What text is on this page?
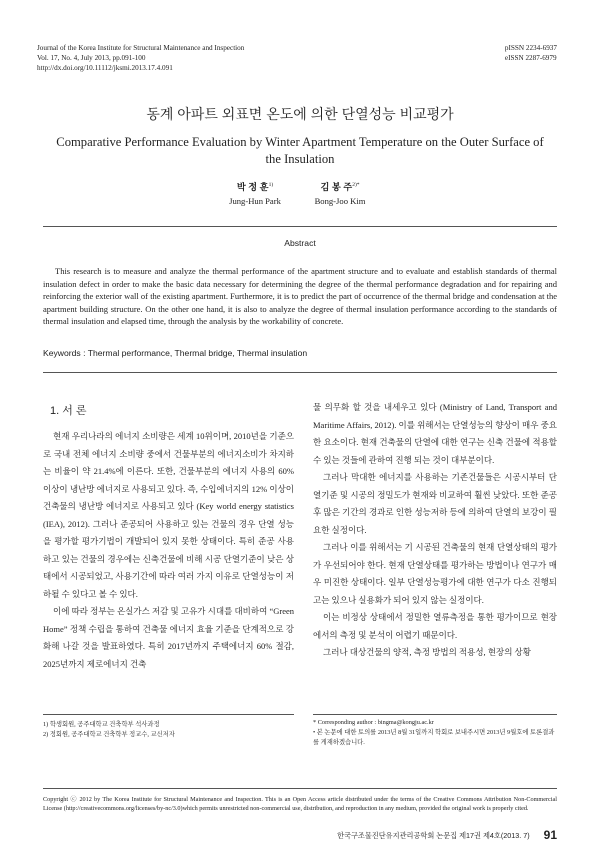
Journal of the Korea Institute for Structural Maintenance and Inspection
Vol. 17, No. 4, July 2013, pp.091-100
http://dx.doi.org/10.11112/jksmi.2013.17.4.091
pISSN 2234-6937
eISSN 2287-6979
동계 아파트 외표면 온도에 의한 단열성능 비교평가
Comparative Performance Evaluation by Winter Apartment Temperature on the Outer Surface of the Insulation
박 정 훈$^{1)}$
Jung-Hun Park
김 봉 주$^{2)*}$
Bong-Joo Kim
Abstract
This research is to measure and analyze the thermal performance of the apartment structure and to evaluate and establish standards of thermal insulation defect in order to make the basic data necessary for determining the degree of the thermal performance degradation and for repairing and reinforcing the exterior wall of the existing apartment. Furthermore, it is to predict the part of occurrence of the thermal bridge and condensation at the apartment building structure. On the other one hand, it is also to analyze the degree of thermal insulation performance according to the standards of thermal insulation and elapsed time, through the analysis by the workability of concrete.
Keywords : Thermal performance, Thermal bridge, Thermal insulation
1. 서 론

현재 우리나라의 에너지 소비량은 세계 10위이며, 2010년을 기준으로 국내 전체 에너지 소비량 중에서 건물부분의 에너지소비가 차지하는 비율이 약 21.4%에 이른다. 또한, 건물부분의 에너지 사용의 60% 이상이 냉난방 에너지로 사용되고 있다. 즉, 수입에너지의 12% 이상이 건축물의 냉난방 에너지로 사용되고 있다 (Key world energy statistics (IEA), 2012). 그러나 준공되어 사용하고 있는 건물의 경우 단열 성능을 평가할 평가기법이 개발되어 있지 못한 상태이다. 특히 준공 사용하고 있는 건물의 경우에는 신축건물에 비해 시공 단열기준이 낮은 상태에서 시공되었고, 사용기간에 따라 여러 가지 이유로 단열성능이 저하될 수 있다고 볼 수 있다.

이에 따라 정부는 온실가스 저감 및 고유가 시대를 대비하여 “Green Home” 정책 수립을 통하여 건축물 에너지 효율 기준을 단계적으로 강화해 나갈 것을 발표하였다. 특히 2017년까지 주택에너지 60% 절감, 2025년까지 제로에너지 건축

물 의무화 할 것을 내세우고 있다 (Ministry of Land, Transport and Maritime Affairs, 2012). 이를 위해서는 단열성능의 향상이 매우 중요한 요소이다. 현재 건축물의 단열에 대한 연구는 신축 건물에 적용할 수 있는 것들에 관하여 진행 되는 것이 대부분이다.

그러나 막대한 에너지를 사용하는 기존건물들은 시공시부터 단열기준 및 시공의 정밀도가 현재와 비교하여 훨씬 낮았다. 또한 준공 후 많은 기간의 경과로 인한 성능저하 등에 의하여 단열의 보강이 필요한 실정이다.

그러나 이를 위해서는 기 시공된 건축물의 현재 단열상태의 평가가 우선되어야 한다. 현재 단열상태를 평가하는 방법이나 연구가 매우 미진한 상태이다. 일부 단열성능평가에 대한 연구가 다소 진행되고는 있으나 실용화가 되어 있지 않는 실정이다.

이는 비정상 상태에서 정밀한 열류측정을 통한 평가이므로 현장에서의 측정 및 분석이 어렵기 때문이다.

그러나 대상건물의 양적, 측정 방법의 적용성, 현장의 상황

1) 학생회원, 공주대학교 건축학부 석사과정
2) 정회원, 공주대학교 건축학부 정교수, 교신저자
* Corresponding author : bingma@kongju.ac.kr
• 본 논문에 대한 토의를 2013년 8월 31일까지 학회로 보내주시면 2013년 9월호에 토론결과를 게재하겠습니다.
Copyright ⓒ 2012 by The Korea Institute for Structural Maintenance and Inspection. This is an Open Access article distributed under the terms of the Creative Commons Attribution Non-Commercial License (http://creativecommons.org/licenses/by-nc/3.0)which permits unrestricted non-commercial use, distribution, and reproduction in any medium, provided the original work is properly cited.
한국구조물진단유지관리공학회 논문집 제17권 제4호(2013. 7) 91
